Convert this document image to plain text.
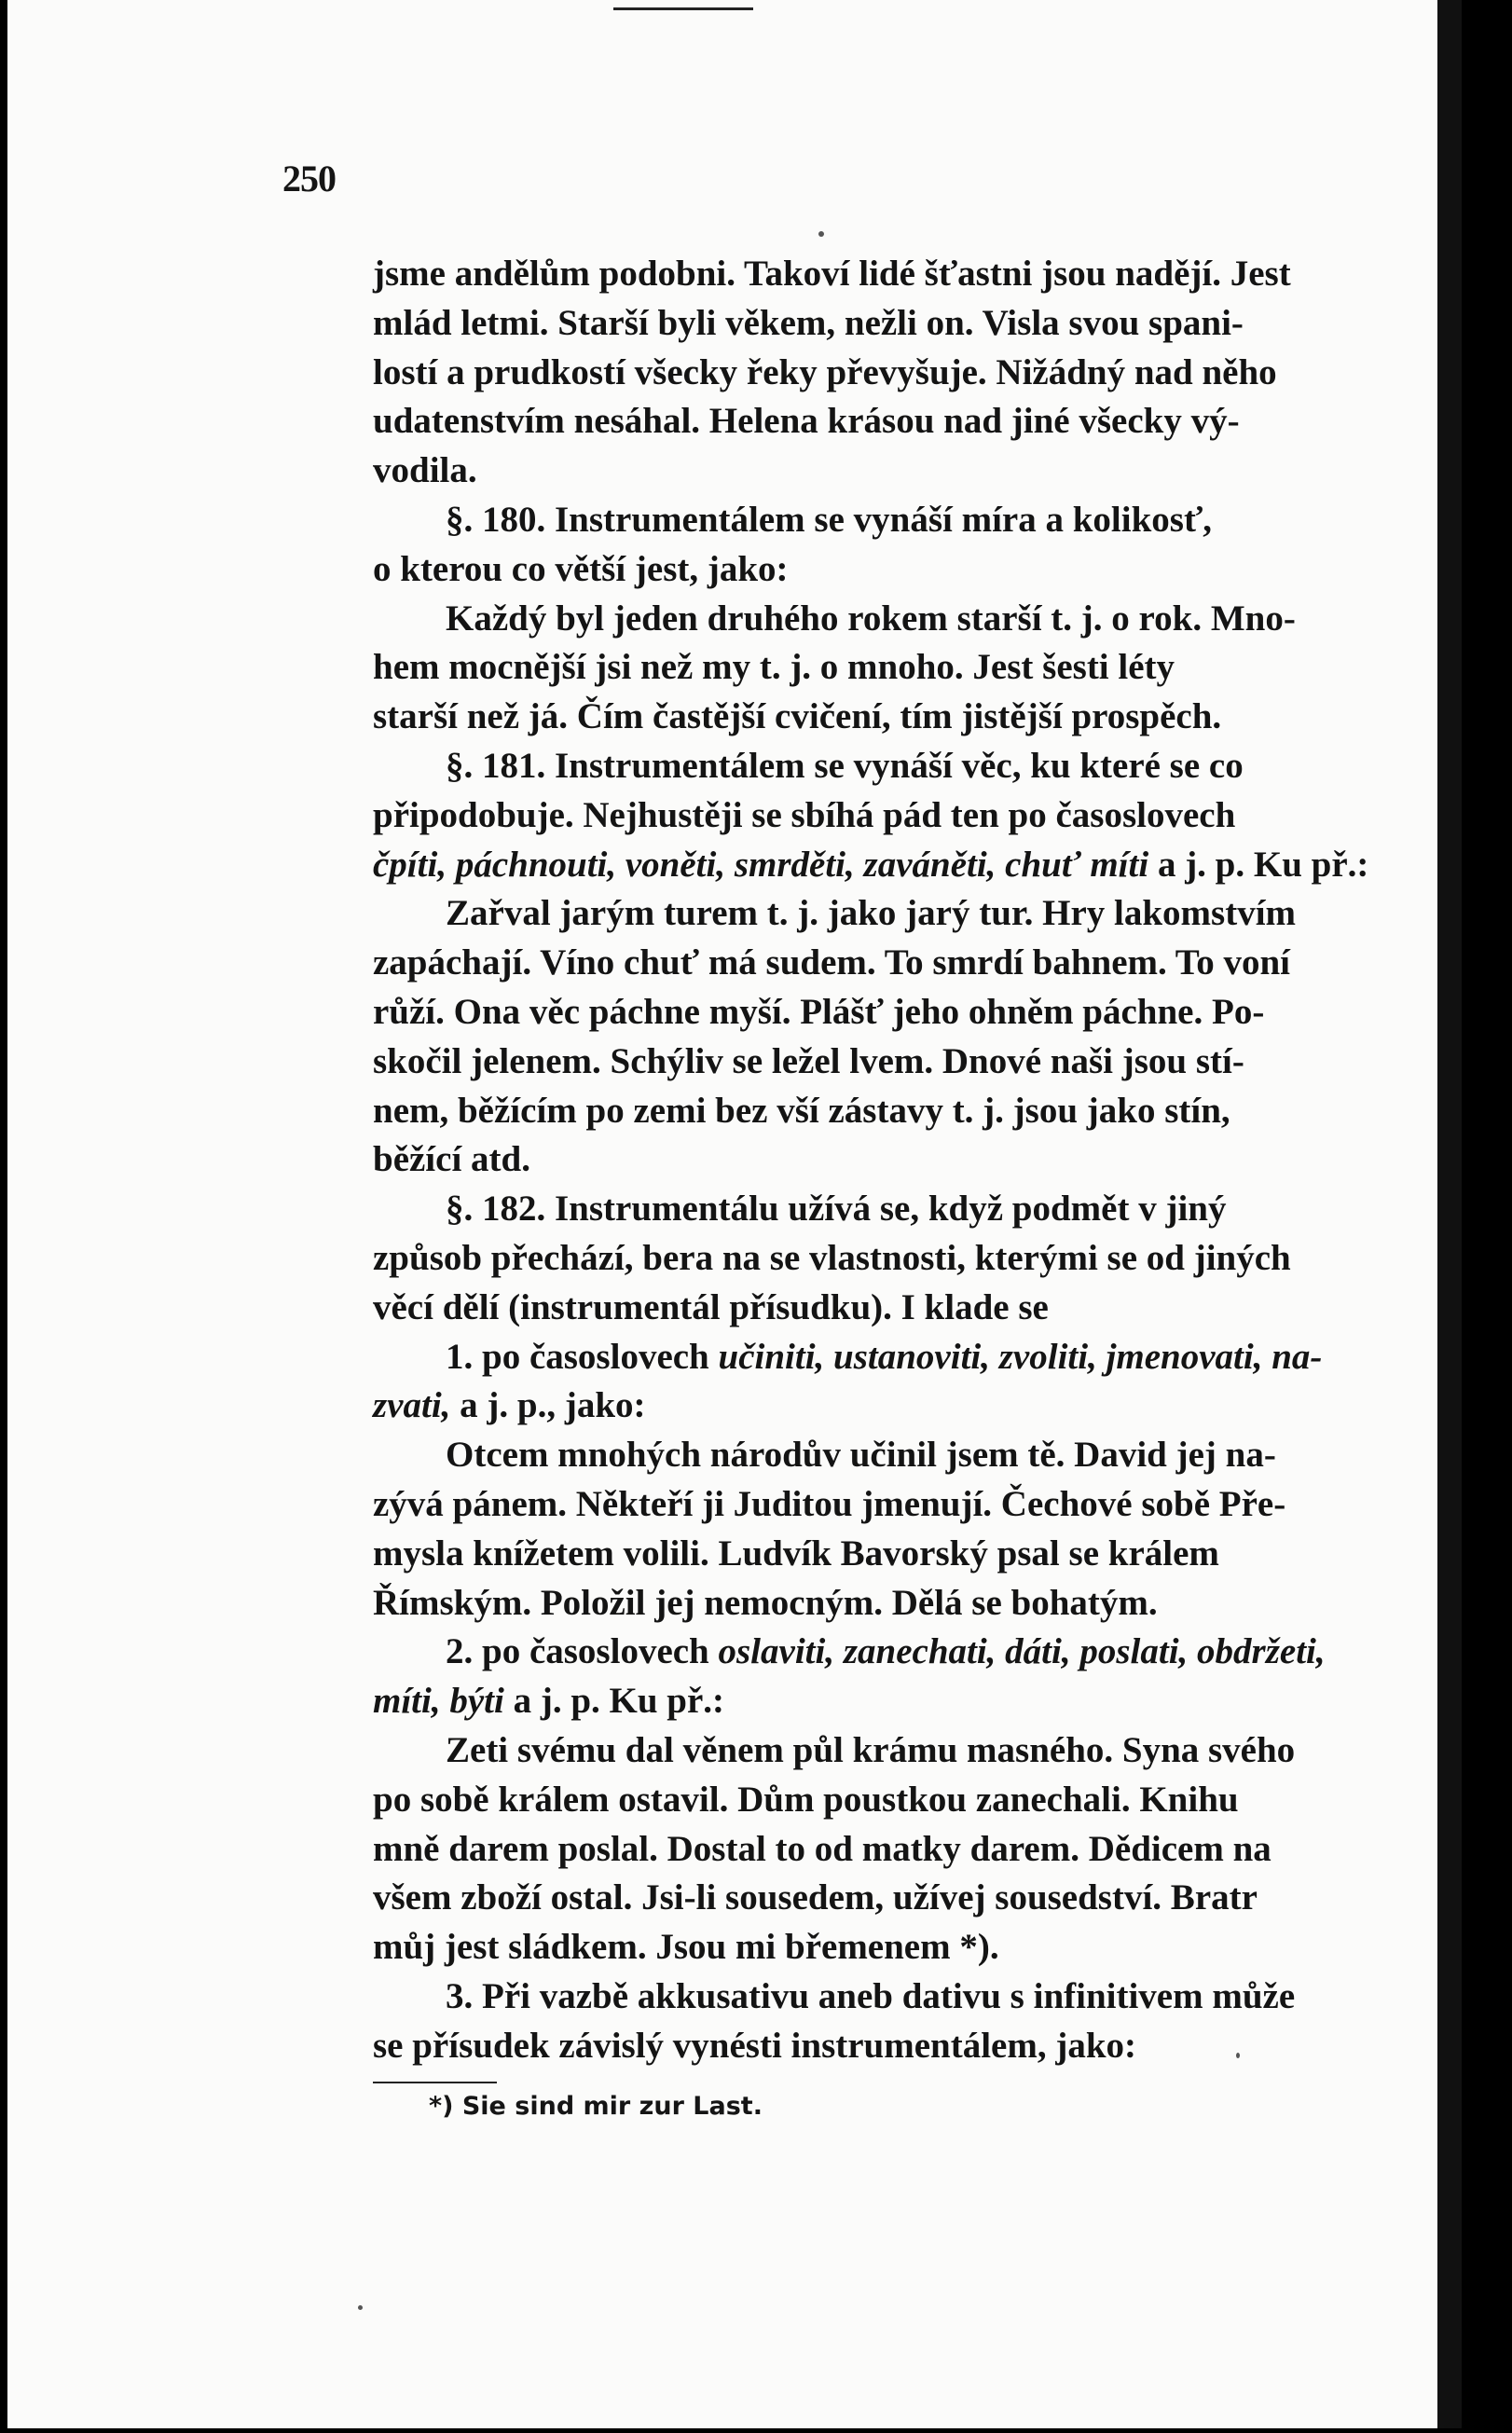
250

jsme andělům podobni. Takoví lidé šťastni jsou nadějí. Jest
mlád letmi. Starší byli věkem, nežli on. Visla svou spani-
lostí a prudkostí všecky řeky převyšuje. Nižádný nad něho
udatenstvím nesáhal. Helena krásou nad jiné všecky vý-
vodila.

§. 180. Instrumentálem se vynáší míra a kolikosť,
o kterou co větší jest, jako:

Každý byl jeden druhého rokem starší t. j. o rok. Mno-
hem mocnější jsi než my t. j. o mnoho. Jest šesti léty
starší než já. Čím častější cvičení, tím jistější prospěch.

§. 181. Instrumentálem se vynáší věc, ku které se co
připodobuje. Nejhustěji se sbíhá pád ten po časoslovech
čpíti, páchnouti, voněti, smrděti, zaváněti, chuť míti a j. p. Ku př.:

Zařval jarým turem t. j. jako jarý tur. Hry lakomstvím
zapáchají. Víno chuť má sudem. To smrdí bahnem. To voní
růží. Ona věc páchne myší. Plášť jeho ohněm páchne. Po-
skočil jelenem. Schýliv se ležel lvem. Dnové naši jsou stí-
nem, běžícím po zemi bez vší zástavy t. j. jsou jako stín,
běžící atd.

§. 182. Instrumentálu užívá se, když podmět v jiný
způsob přechází, bera na se vlastnosti, kterými se od jiných
věcí dělí (instrumentál přísudku). I klade se

1. po časoslovech učiniti, ustanoviti, zvoliti, jmenovati, na-
zvati, a j. p., jako:

Otcem mnohých národův učinil jsem tě. David jej na-
zývá pánem. Někteří ji Juditou jmenují. Čechové sobě Pře-
mysla knížetem volili. Ludvík Bavorský psal se králem
Římským. Položil jej nemocným. Dělá se bohatým.

2. po časoslovech oslaviti, zanechati, dáti, poslati, obdržeti,
míti, býti a j. p. Ku př.:

Zeti svému dal věnem půl krámu masného. Syna svého
po sobě králem ostavil. Dům poustkou zanechali. Knihu
mně darem poslal. Dostal to od matky darem. Dědicem na
všem zboží ostal. Jsi-li sousedem, užívej sousedství. Bratr
můj jest sládkem. Jsou mi břemenem *).

3. Při vazbě akkusativu aneb dativu s infinitivem může
se přísudek závislý vynésti instrumentálem, jako:

*) Sie sind mir zur Last.
